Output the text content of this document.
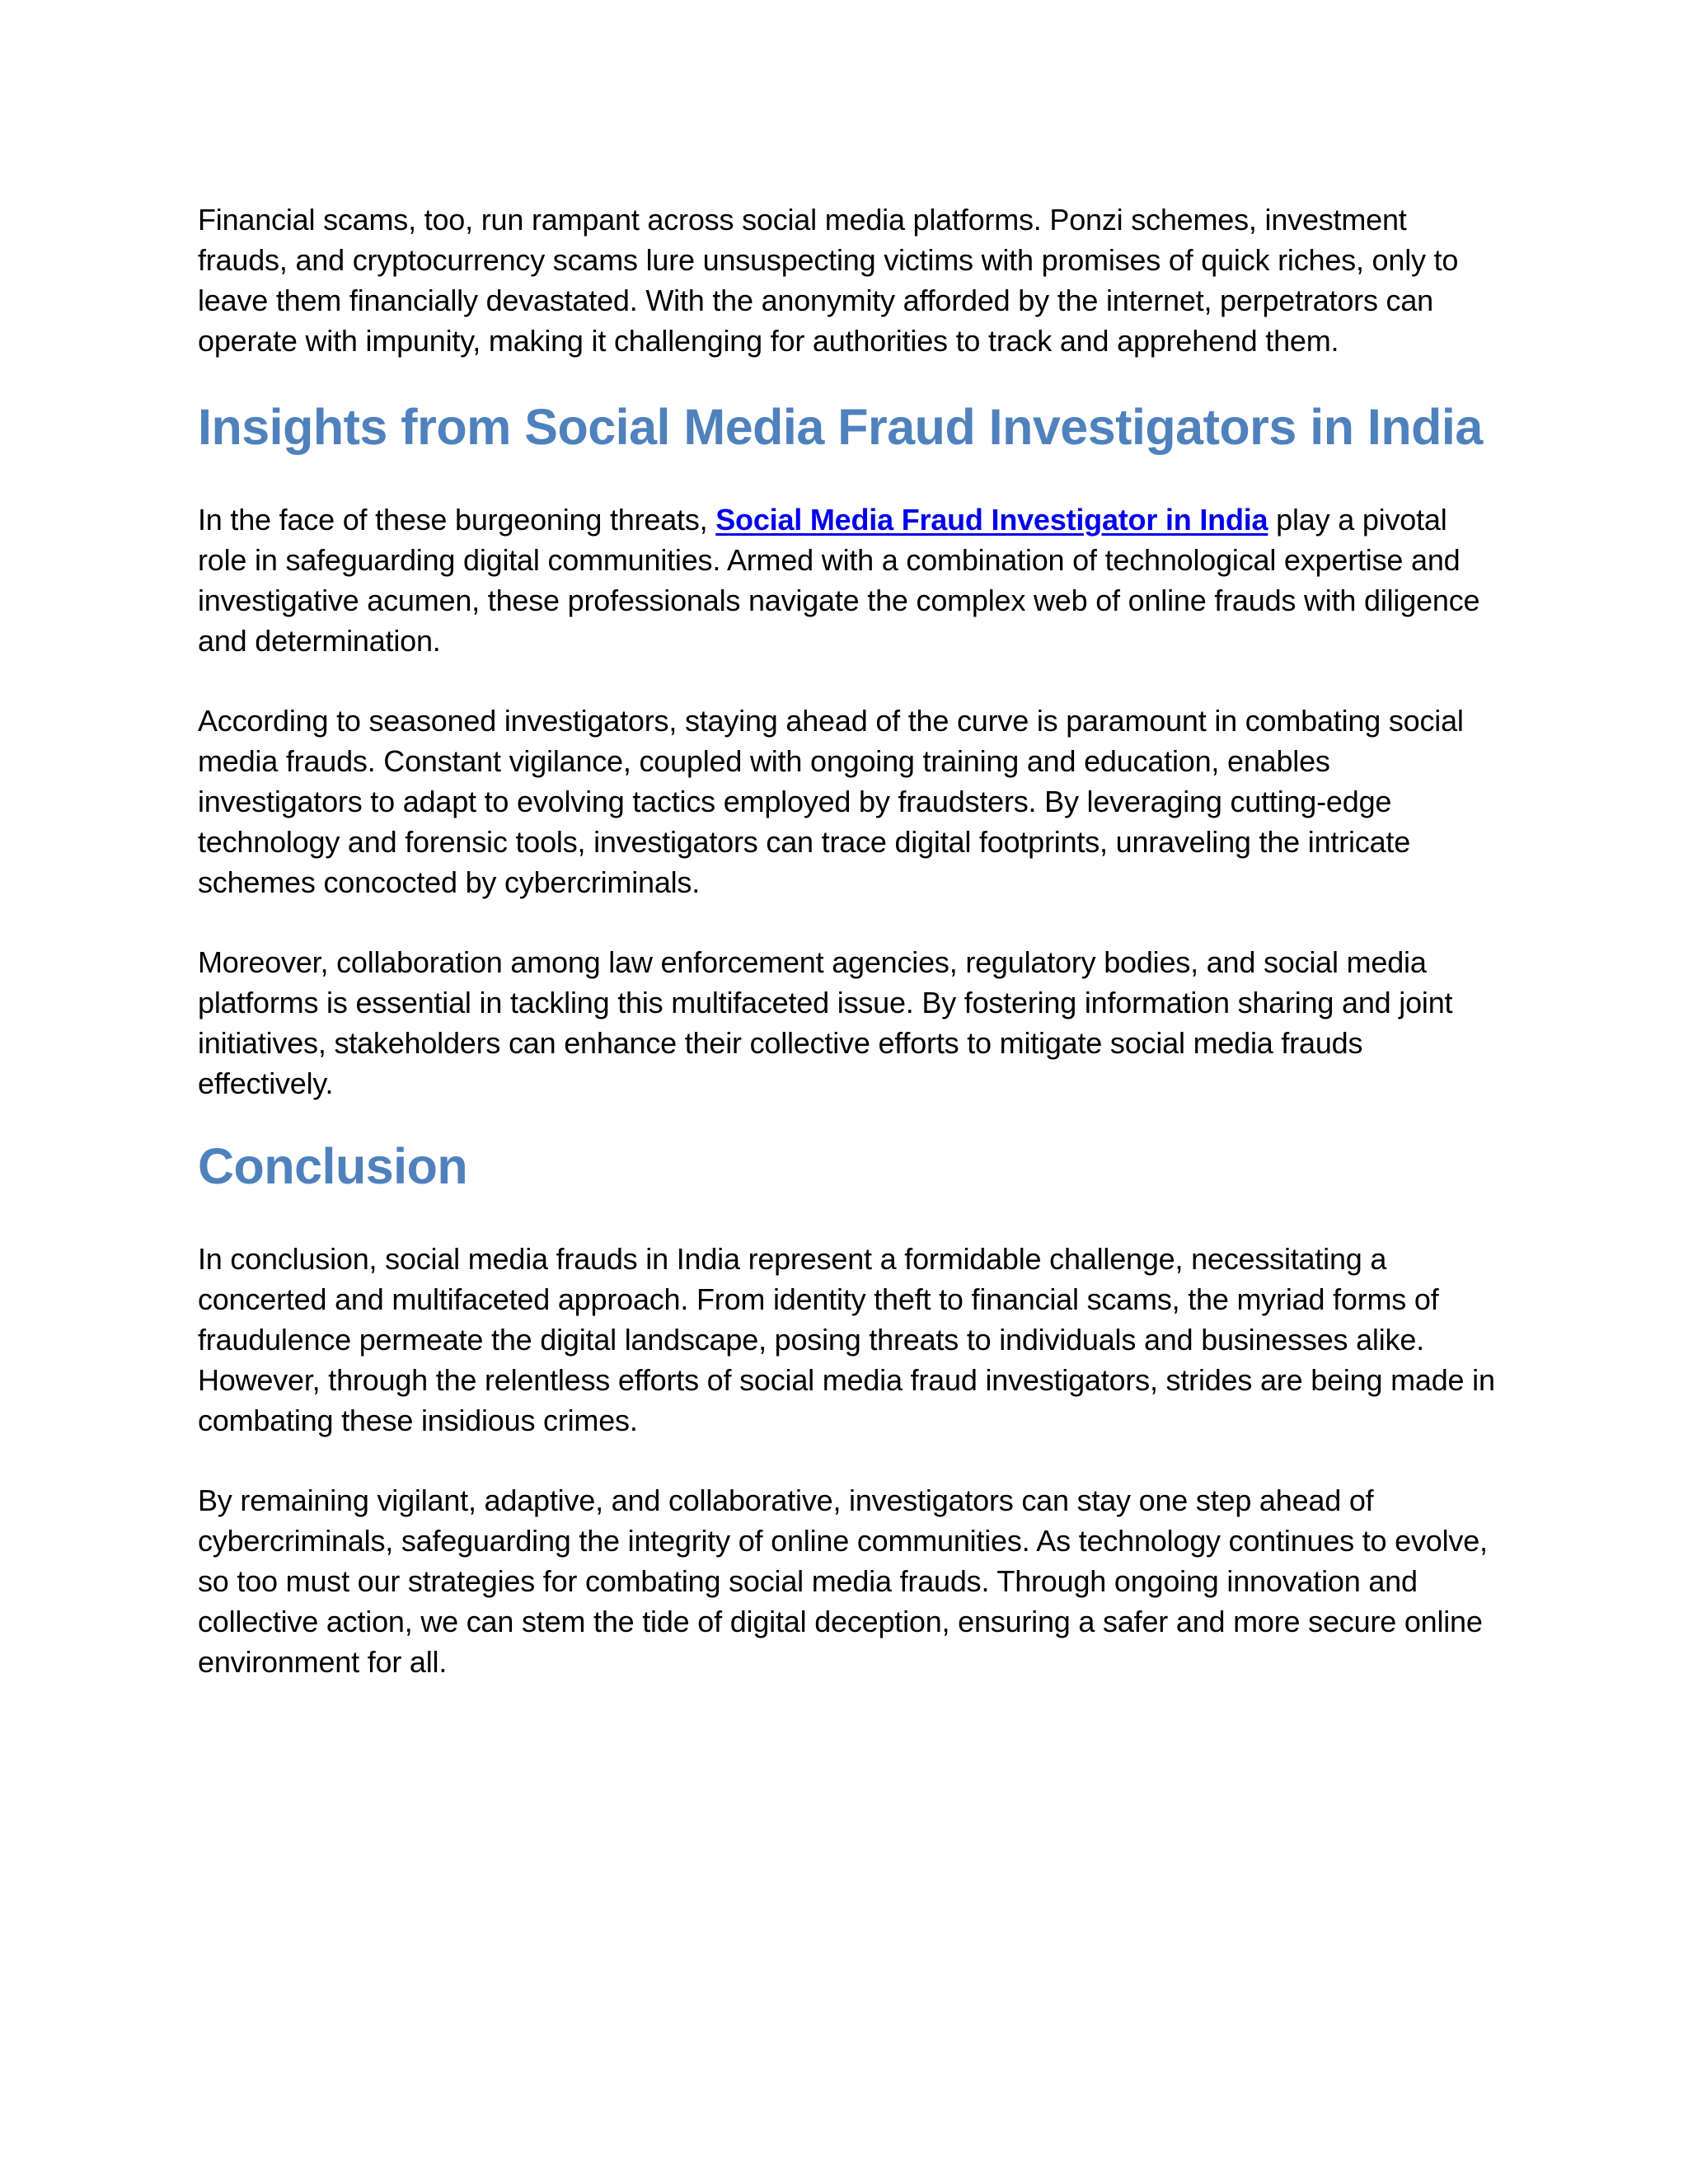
Financial scams, too, run rampant across social media platforms. Ponzi schemes, investment frauds, and cryptocurrency scams lure unsuspecting victims with promises of quick riches, only to leave them financially devastated. With the anonymity afforded by the internet, perpetrators can operate with impunity, making it challenging for authorities to track and apprehend them.

Insights from Social Media Fraud Investigators in India

In the face of these burgeoning threats, Social Media Fraud Investigator in India play a pivotal role in safeguarding digital communities. Armed with a combination of technological expertise and investigative acumen, these professionals navigate the complex web of online frauds with diligence and determination.

According to seasoned investigators, staying ahead of the curve is paramount in combating social media frauds. Constant vigilance, coupled with ongoing training and education, enables investigators to adapt to evolving tactics employed by fraudsters. By leveraging cutting-edge technology and forensic tools, investigators can trace digital footprints, unraveling the intricate schemes concocted by cybercriminals.

Moreover, collaboration among law enforcement agencies, regulatory bodies, and social media platforms is essential in tackling this multifaceted issue. By fostering information sharing and joint initiatives, stakeholders can enhance their collective efforts to mitigate social media frauds effectively.

Conclusion

In conclusion, social media frauds in India represent a formidable challenge, necessitating a concerted and multifaceted approach. From identity theft to financial scams, the myriad forms of fraudulence permeate the digital landscape, posing threats to individuals and businesses alike. However, through the relentless efforts of social media fraud investigators, strides are being made in combating these insidious crimes.

By remaining vigilant, adaptive, and collaborative, investigators can stay one step ahead of cybercriminals, safeguarding the integrity of online communities. As technology continues to evolve, so too must our strategies for combating social media frauds. Through ongoing innovation and collective action, we can stem the tide of digital deception, ensuring a safer and more secure online environment for all.
